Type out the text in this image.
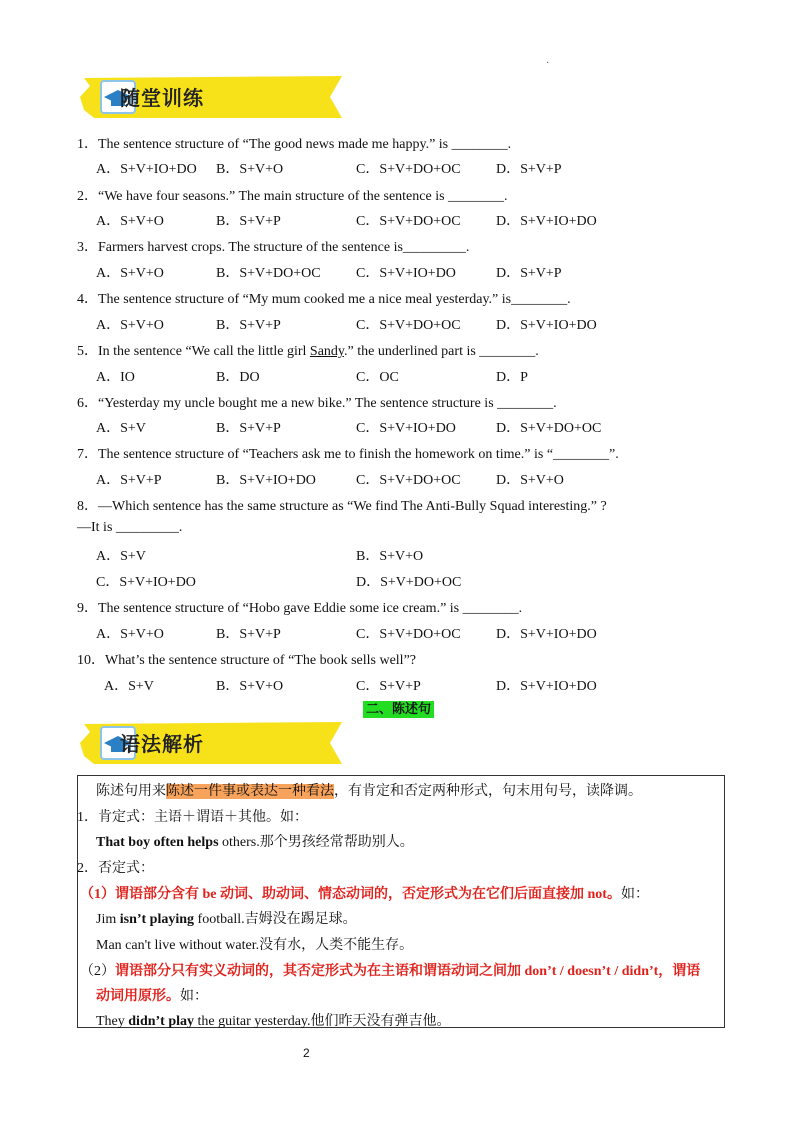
·
随堂训练
1．The sentence structure of “The good news made me happy.” is ________.
A．S+V+IO+DO B．S+V+O	C．S+V+DO+OC	D．S+V+P
2．“We have four seasons.” The main structure of the sentence is ________.
A．S+V+O	B．S+V+P	C．S+V+DO+OC	D．S+V+IO+DO
3．Farmers harvest crops. The structure of the sentence is_________.
A．S+V+O	B．S+V+DO+OC	C．S+V+IO+DO	D．S+V+P
4．The sentence structure of “My mum cooked me a nice meal yesterday.” is________.
A．S+V+O	B．S+V+P	C．S+V+DO+OC	D．S+V+IO+DO
5．In the sentence “We call the little girl Sandy.” the underlined part is ________.
A．IO	B．DO	C．OC	D．P
6．“Yesterday my uncle bought me a new bike.” The sentence structure is ________.
A．S+V	B．S+V+P	C．S+V+IO+DO	D．S+V+DO+OC
7．The sentence structure of “Teachers ask me to finish the homework on time.” is “________”.
A．S+V+P	B．S+V+IO+DO	C．S+V+DO+OC	D．S+V+O
8．—Which sentence has the same structure as “We find The Anti-Bully Squad interesting.” ?
—It is _________.
A．S+V	B．S+V+O
C．S+V+IO+DO	D．S+V+DO+OC
9．The sentence structure of “Hobo gave Eddie some ice cream.” is ________.
A．S+V+O	B．S+V+P	C．S+V+DO+OC	D．S+V+IO+DO
10．What’s the sentence structure of “The book sells well”?
A．S+V	B．S+V+O	C．S+V+P	D．S+V+IO+DO
二、陈述句
语法解析
陈述句用来陈述一件事或表达一种看法，有肯定和否定两种形式，句末用句号，读降调。
1．肯定式：主语＋谓语＋其他。如：
That boy often helps others.那个男孩经常帮助别人。
2．否定式：
（1）谓语部分含有 be 动词、助动词、情态动词的，否定形式为在它们后面直接加 not。如：
Jim isn’t playing football.吉姆没在踢足球。
Man can't live without water.没有水，人类不能生存。
（2）谓语部分只有实义动词的，其否定形式为在主语和谓语动词之间加 don’t / doesn’t / didn’t，谓语
动词用原形。如：
They didn’t play the guitar yesterday.他们昨天没有弹吉他。
2
